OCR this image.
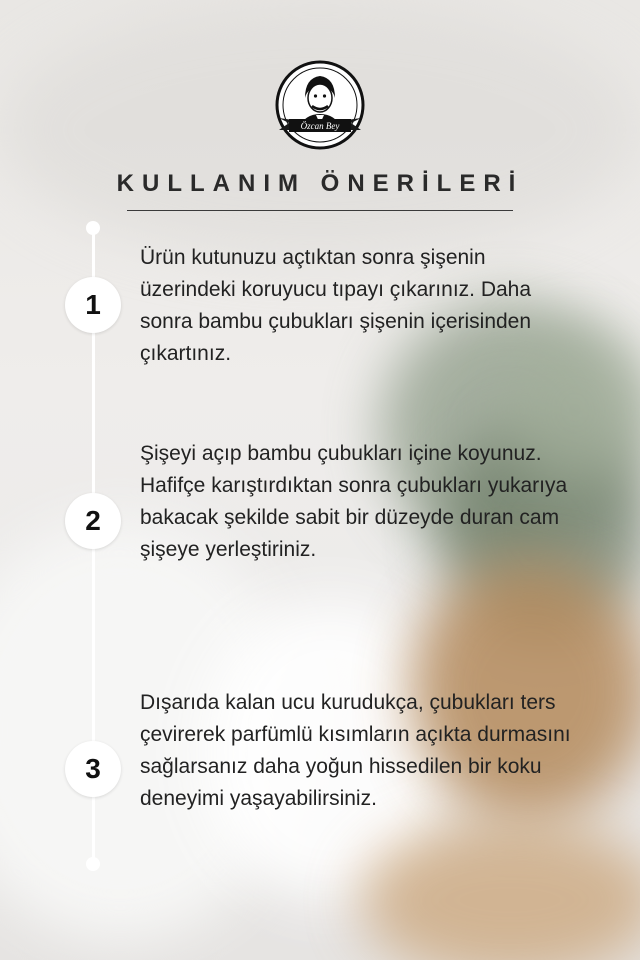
Özcan Bey
KULLANIM ÖNERİLERİ
1
Ürün kutunuzu açtıktan sonra şişenin üzerindeki koruyucu tıpayı çıkarınız. Daha sonra bambu çubukları şişenin içerisinden çıkartınız.
2
Şişeyi açıp bambu çubukları içine koyunuz. Hafifçe karıştırdıktan sonra çubukları yukarıya bakacak şekilde sabit bir düzeyde duran cam şişeye yerleştiriniz.
3
Dışarıda kalan ucu kurudukça, çubukları ters çevirerek parfümlü kısımların açıkta durmasını sağlarsanız daha yoğun hissedilen bir koku deneyimi yaşayabilirsiniz.
